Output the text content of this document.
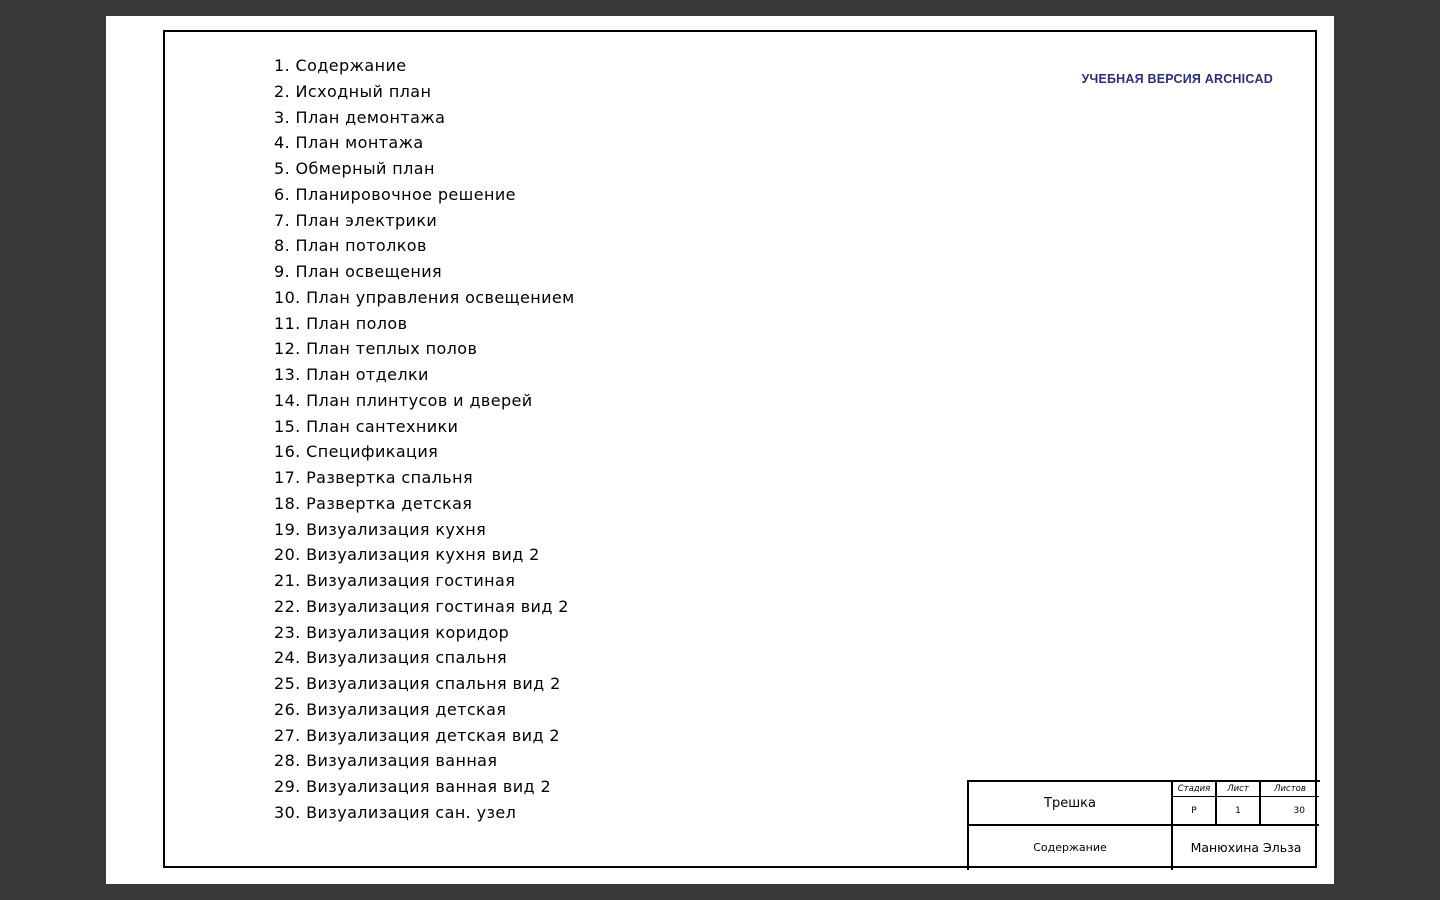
УЧЕБНАЯ ВЕРСИЯ ARCHICAD
1. Содержание
2. Исходный план
3. План демонтажа
4. План монтажа
5. Обмерный план
6. Планировочное решение
7. План электрики
8. План потолков
9. План освещения
10. План управления освещением
11. План полов
12. План теплых полов
13. План отделки
14. План плинтусов и дверей
15. План сантехники
16. Спецификация
17. Развертка спальня
18. Развертка детская
19. Визуализация кухня
20. Визуализация кухня вид 2
21. Визуализация гостиная
22. Визуализация гостиная вид 2
23. Визуализация коридор
24. Визуализация спальня
25. Визуализация спальня вид 2
26. Визуализация детская
27. Визуализация детская вид 2
28. Визуализация ванная
29. Визуализация ванная вид 2
30. Визуализация сан. узел	Трешка
Содержание
Стадия	Лист	Листов
Р	1	30
Манюхина Эльза
